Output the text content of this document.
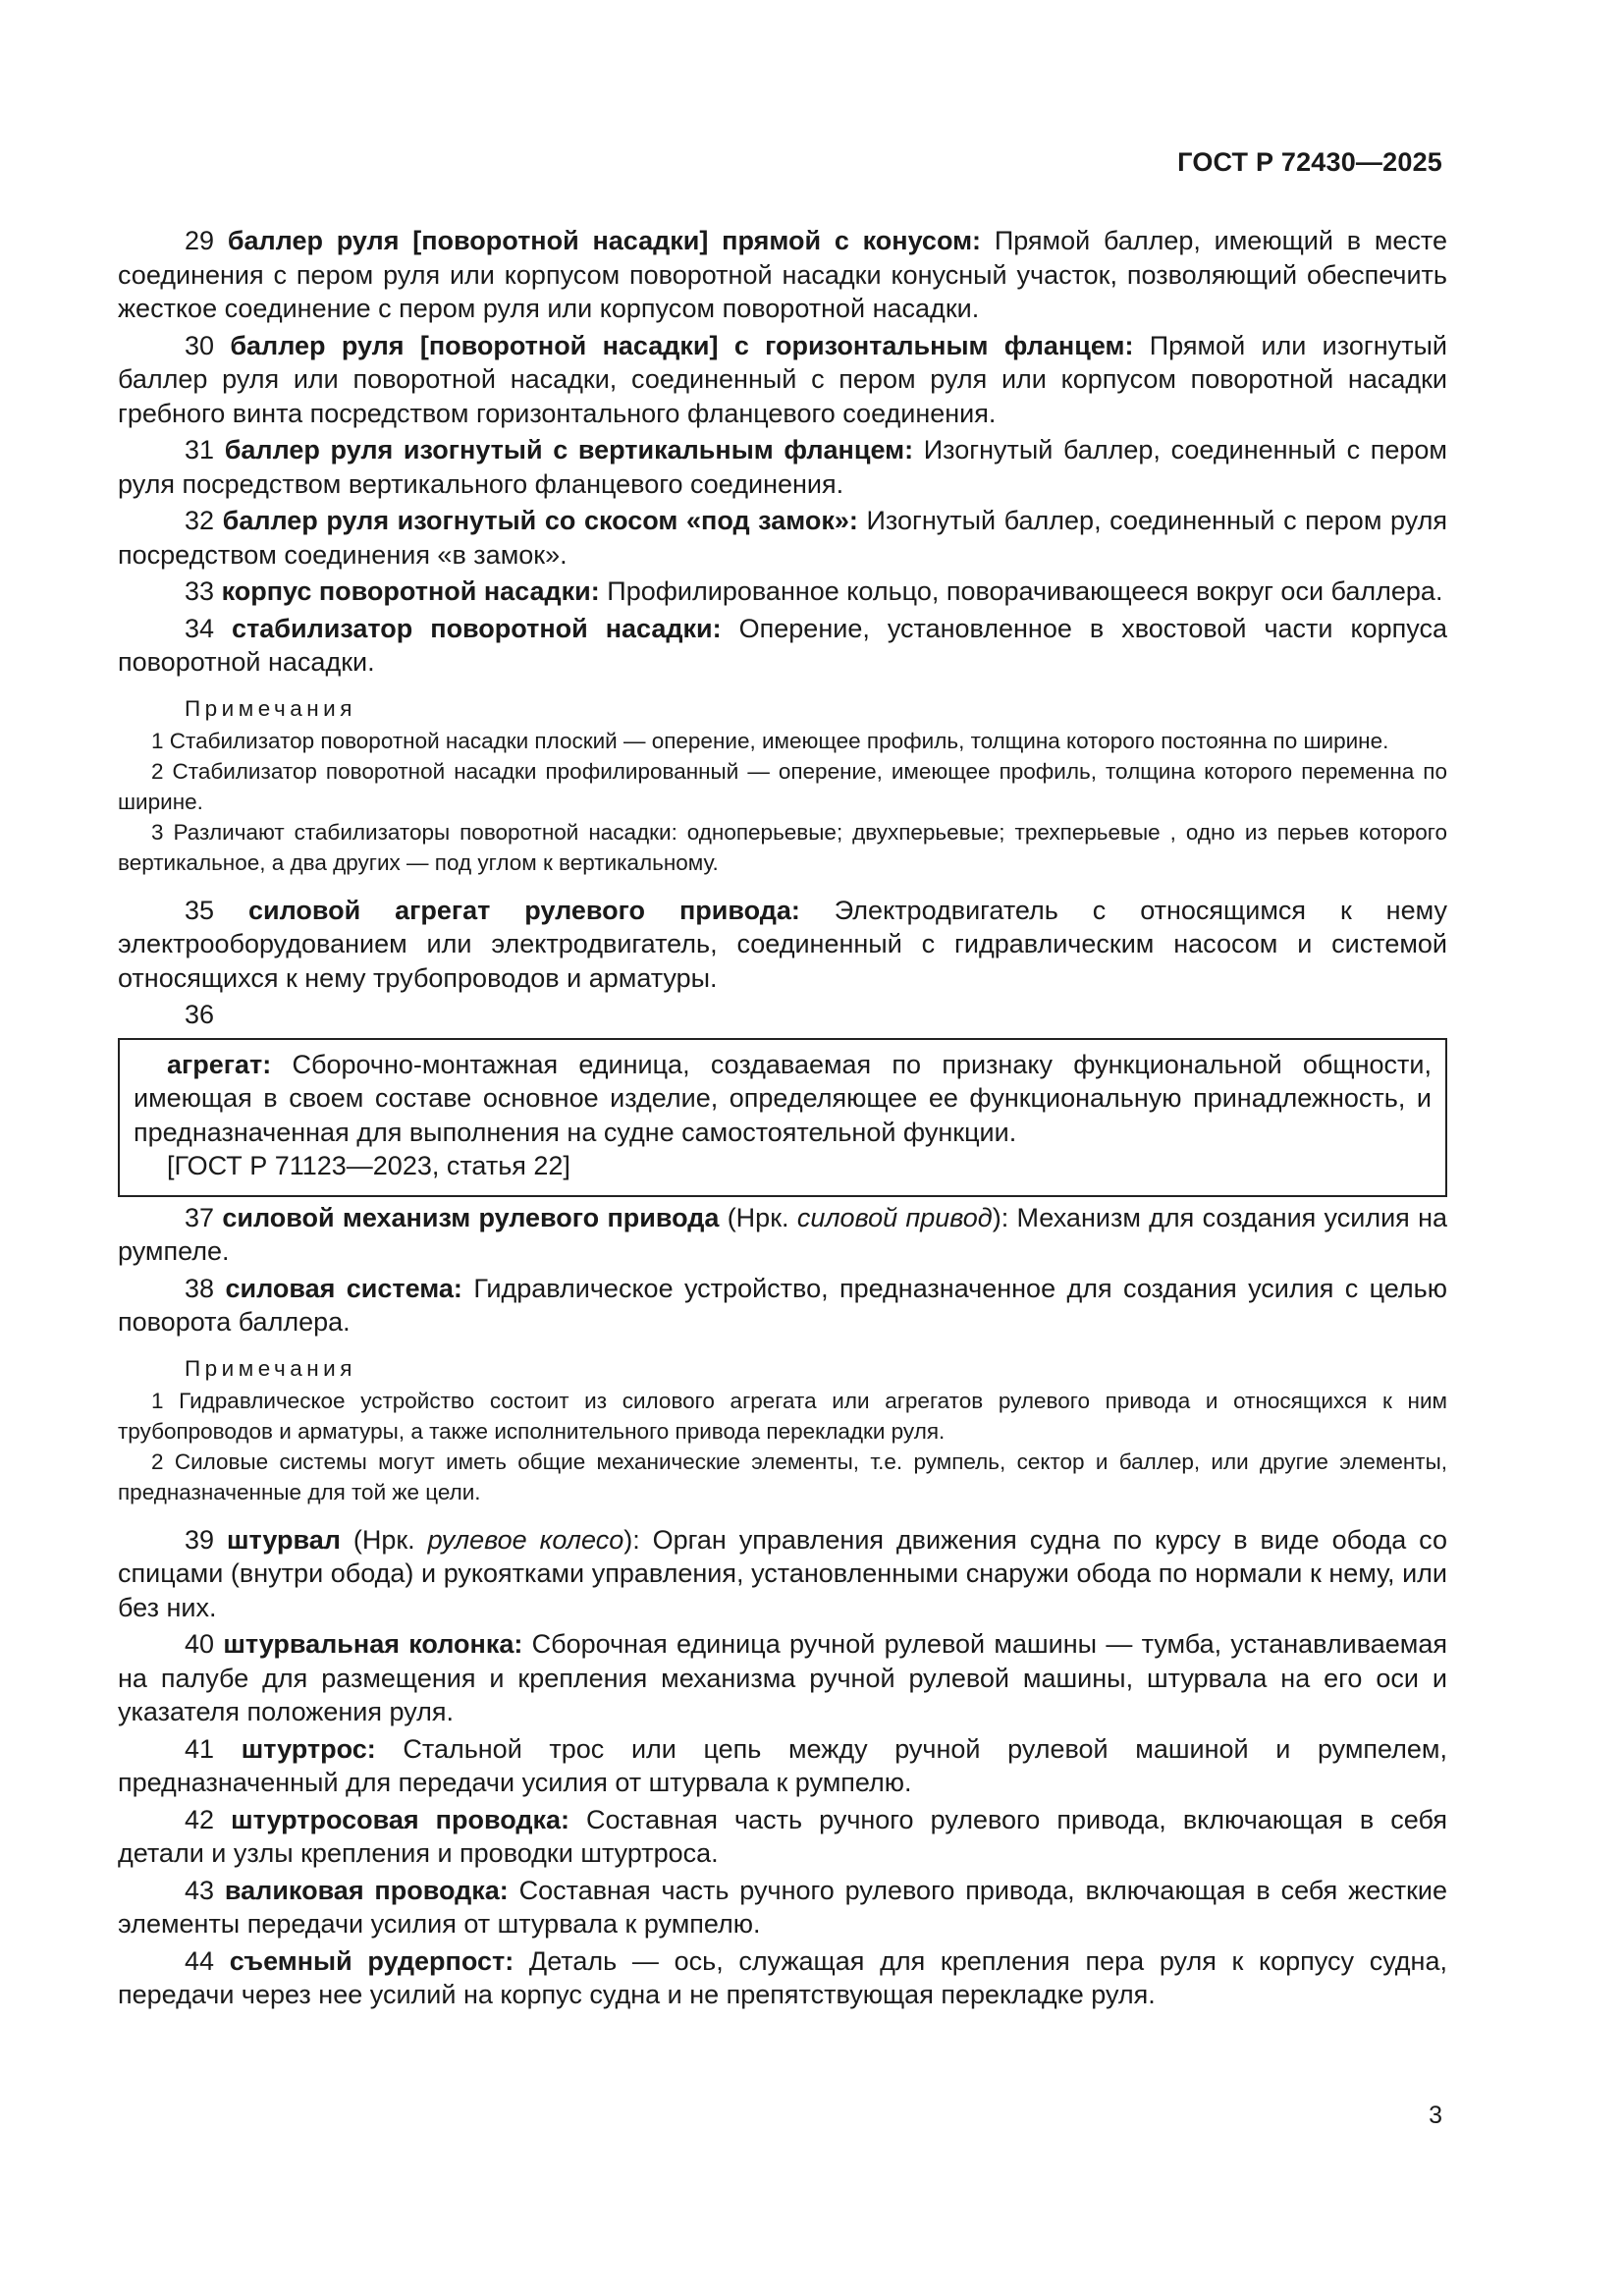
ГОСТ Р 72430—2025

29 баллер руля [поворотной насадки] прямой с конусом: Прямой баллер, имеющий в месте соединения с пером руля или корпусом поворотной насадки конусный участок, позволяющий обеспечить жесткое соединение с пером руля или корпусом поворотной насадки.

30 баллер руля [поворотной насадки] с горизонтальным фланцем: Прямой или изогнутый баллер руля или поворотной насадки, соединенный с пером руля или корпусом поворотной насадки гребного винта посредством горизонтального фланцевого соединения.

31 баллер руля изогнутый с вертикальным фланцем: Изогнутый баллер, соединенный с пером руля посредством вертикального фланцевого соединения.

32 баллер руля изогнутый со скосом «под замок»: Изогнутый баллер, соединенный с пером руля посредством соединения «в замок».

33 корпус поворотной насадки: Профилированное кольцо, поворачивающееся вокруг оси баллера.

34 стабилизатор поворотной насадки: Оперение, установленное в хвостовой части корпуса поворотной насадки.

Примечания

1 Стабилизатор поворотной насадки плоский — оперение, имеющее профиль, толщина которого постоянна по ширине.

2 Стабилизатор поворотной насадки профилированный — оперение, имеющее профиль, толщина которого переменна по ширине.

3 Различают стабилизаторы поворотной насадки: одноперьевые; двухперьевые; трехперьевые , одно из перьев которого вертикальное, а два других — под углом к вертикальному.

35 силовой агрегат рулевого привода: Электродвигатель с относящимся к нему электрооборудованием или электродвигатель, соединенный с гидравлическим насосом и системой относящихся к нему трубопроводов и арматуры.

36

агрегат: Сборочно-монтажная единица, создаваемая по признаку функциональной общности, имеющая в своем составе основное изделие, определяющее ее функциональную принадлежность, и предназначенная для выполнения на судне самостоятельной функции.

[ГОСТ Р 71123—2023, статья 22]

37 силовой механизм рулевого привода (Нрк. силовой привод): Механизм для создания усилия на румпеле.

38 силовая система: Гидравлическое устройство, предназначенное для создания усилия с целью поворота баллера.

Примечания

1 Гидравлическое устройство состоит из силового агрегата или агрегатов рулевого привода и относящихся к ним трубопроводов и арматуры, а также исполнительного привода перекладки руля.

2 Силовые системы могут иметь общие механические элементы, т.е. румпель, сектор и баллер, или другие элементы, предназначенные для той же цели.

39 штурвал (Нрк. рулевое колесо): Орган управления движения судна по курсу в виде обода со спицами (внутри обода) и рукоятками управления, установленными снаружи обода по нормали к нему, или без них.

40 штурвальная колонка: Сборочная единица ручной рулевой машины — тумба, устанавливаемая на палубе для размещения и крепления механизма ручной рулевой машины, штурвала на его оси и указателя положения руля.

41 штуртрос: Стальной трос или цепь между ручной рулевой машиной и румпелем, предназначенный для передачи усилия от штурвала к румпелю.

42 штуртросовая проводка: Составная часть ручного рулевого привода, включающая в себя детали и узлы крепления и проводки штуртроса.

43 валиковая проводка: Составная часть ручного рулевого привода, включающая в себя жесткие элементы передачи усилия от штурвала к румпелю.

44 съемный рудерпост: Деталь — ось, служащая для крепления пера руля к корпусу судна, передачи через нее усилий на корпус судна и не препятствующая перекладке руля.

3
